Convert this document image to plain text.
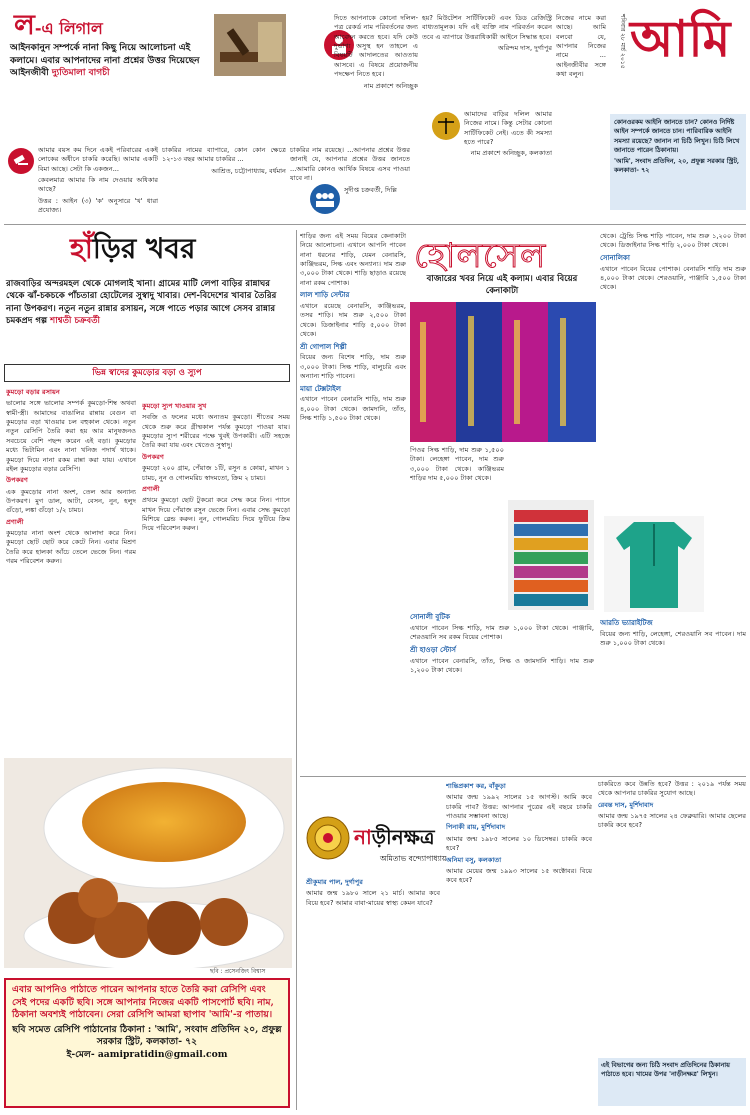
ল-এ লিগাল
আইনকানুন সম্পর্কে নানা কিছু নিয়ে আলোচনা এই কলামে। এবার আপনাদের নানা প্রশ্নের উত্তর দিয়েছেন আইনজীবী দ্যুতিমালা বাগচী

আমার বয়স কম দিনে একই পরিবারের একই লোকের অধীনে চাকরি করেছি। আমার একটি বিমা আছে। সেটা কি একজন...

কেবলমাত্র আমার কি নাম দেওয়ার অধিকার আছে?

উত্তর : আইন (৩) 'ক' অনুসারে 'খ' ধারা প্রযোজ্য।

চাকরির নামের ব্যাপারে, কোন কোন ক্ষেত্রে ১২-১৩ বছর আমার চাকরির ...

আশ্রিত, চট্টোপাধ্যায়, বর্ধমান

চাকরির নাম রয়েছে। ...আপনার প্রশ্নের উত্তর জানাই যে, আপনার প্রশ্নের উত্তর জানতে ...আমারি কোনও আর্থিক বিষয়ে এসব পাওয়া যাবে না।

সুদীপ্ত চক্রবর্তী, দিল্লি

দিতে আপনাকে কোনো দলিল-পত্র রেকর্ড নাম পরিবর্তনের জন্য আবেদন করতে হবে। যদি কেউ দুর্ভাগ্য অসুস্থ হন তাহলে এ বিষয়টি আদালতের আওতায় আসবে। এ বিষয়ে প্রয়োজনীয় পদক্ষেপ নিতে হবে।

নাম প্রকাশে অনিচ্ছুক

হয়? মিউটেশন সার্টিফিকেট এবং ডিড রেজিস্ট্রি বাধ্যতামূলক। যদি এই ব্যক্তি নাম পরিবর্তন করেন তবে এ ব্যাপারে উত্তরাধিকারী আইনে সিদ্ধান্ত হবে।

অরিন্দম দাস, দুর্গাপুর

আমাদের বাড়ির দলিল আমার নিজের নামে। কিন্তু সেটার কোনো সার্টিফিকেট নেই। এতে কী সমস্যা হতে পারে?

নাম প্রকাশে অনিচ্ছুক, কলকাতা

নিজের নামে করা আছে। আমি বলবো যে, আপনার নিজের নামে ... আইনজীবীর সঙ্গে কথা বলুন।

শনিবার ২৮ মার্চ ২০১৫ আমি
কোনওরকম আইনি জানতে চান? কোনও নির্দিষ্ট আইন সম্পর্কে জানতে চান। পারিবারিক আইনি সমস্যা রয়েছে? জানান না চিঠি লিখুন। চিঠি লিখে জানাতে পারেন ঠিকানায়।
'আমি', সংবাদ প্রতিদিন, ২০, প্রফুল্ল সরকার স্ট্রিট, কলকাতা- ৭২
হাঁড়ির খবর
রাজবাড়ির অন্দরমহল থেকে মোগলাই খানা। গ্রামের মাটি লেপা বাড়ির রান্নাঘর থেকে ঝাঁ-চকচকে পাঁচতারা হোটেলের সুস্বাদু খাবার। দেশ-বিদেশের খাবার তৈরির নানা উপকরণ। নতুন নতুন রান্নার রসায়ন, সঙ্গে পাতে পড়ার আগে সেসব রান্নার চমকপ্রদ গল্প শাশ্বতী চক্রবর্তী
ভিন্ন স্বাদের কুমড়োর বড়া ও স্যুপ
কুমড়ো বড়ার রসায়ন

ভালোর সঙ্গে ভালোর সম্পর্ক কুমড়ো-শিম্ব অথবা স্বামী-স্ত্রী। আমাদের বাঙালির রান্নায় বেগুন বা কুমড়োর বড়া খাওয়ার চল বহুকাল থেকে। নতুন নতুন রেসিপি তৈরি করা হয় আর মানুষজনও সবচেয়ে বেশি পছন্দ করেন এই বড়া। কুমড়োর মধ্যে ভিটামিন এবং নানা খনিজ পদার্থ থাকে। কুমড়ো দিয়ে নানা রকম রান্না করা যায়। এখানে রইল কুমড়োর বড়ার রেসিপি।

উপকরণ

এক কুমড়োর নানা অংশ, তেল আর অন্যান্য উপকরণ। মুগ ডাল, আটা, বেসন, নুন, হলুদ গুঁড়ো, লঙ্কা গুঁড়ো ১/২ চামচ।

প্রণালী

কুমড়োর নানা অংশ থেকে আলাদা করে নিন। কুমড়ো ছোট ছোট করে কেটে নিন। এবার মিশ্রণ তৈরি করে হালকা আঁচে তেলে ভেজে নিন। গরম গরম পরিবেশন করুন।

কুমড়ো স্যুপ খাওয়ার সুখ

সবজি ও ফলের মধ্যে অন্যতম কুমড়ো। শীতের সময় থেকে শুরু করে গ্রীষ্মকাল পর্যন্ত কুমড়ো পাওয়া যায়। কুমড়োর স্যুপ শরীরের পক্ষে খুবই উপকারী। এটি সহজে তৈরি করা যায় এবং খেতেও সুস্বাদু।

উপকরণ

কুমড়ো ২০০ গ্রাম, পেঁয়াজ ১টি, রসুন ৪ কোয়া, মাখন ১ চামচ, নুন ও গোলমরিচ স্বাদমতো, ক্রিম ২ চামচ।

প্রণালী

প্রথমে কুমড়ো ছোট টুকরো করে সেদ্ধ করে নিন। প্যানে মাখন দিয়ে পেঁয়াজ রসুন ভেজে নিন। এবার সেদ্ধ কুমড়ো মিশিয়ে ব্লেন্ড করুন। নুন, গোলমরিচ দিয়ে ফুটিয়ে ক্রিম দিয়ে পরিবেশন করুন।

ছবি : প্রসেনজিৎ বিশ্বাস
এবার আপনিও পাঠাতে পারেন আপনার হাতে তৈরি করা রেসিপি এবং সেই পদের একটি ছবি। সঙ্গে আপনার নিজের একটি পাসপোর্ট ছবি। নাম, ঠিকানা অবশ্যই পাঠাবেন। সেরা রেসিপি আমরা ছাপাব 'আমি'-র পাতায়।
ছবি সমেত রেসিপি পাঠানোর ঠিকানা : 'আমি', সংবাদ প্রতিদিন ২০, প্রফুল্ল সরকার স্ট্রিট, কলকাতা- ৭২
ই-মেল- aamipratidin@gmail.com

শাড়ির জন্য এই সময় বিয়ের কেনাকাটা নিয়ে আলোচনা। এখানে আপনি পাবেন নানা ধরনের শাড়ি, যেমন বেনারসি, কাঞ্জিভরম, সিল্ক এবং অন্যান্য। দাম শুরু ৩,০০০ টাকা থেকে। শাড়ি ছাড়াও রয়েছে নানা রকম পোশাক।

লাল শাড়ি সেন্টার

এখানে রয়েছে বেনারসি, কাঞ্জিভরম, তসর শাড়ি। দাম শুরু ২,৫০০ টাকা থেকে। ডিজাইনার শাড়ি ৫,০০০ টাকা থেকে।

শ্রী গোপাল শিল্পী

বিয়ের জন্য বিশেষ শাড়ি, দাম শুরু ৩,০০০ টাকা। সিল্ক শাড়ি, বালুচরি এবং অন্যান্য শাড়ি পাবেন।

মায়া টেক্সটাইল

এখানে পাবেন বেনারসি শাড়ি, দাম শুরু ৪,০০০ টাকা থেকে। জামদানি, তাঁত, সিল্ক শাড়ি ১,৫০০ টাকা থেকে।

হোলসেল
বাজারের খবর নিয়ে এই কলাম। এবার বিয়ের কেনাকাটা

পিওর সিল্ক শাড়ি, দাম শুরু ১,৫০০ টাকা। লেহেঙ্গা পাবেন, দাম শুরু ৩,০০০ টাকা থেকে। কাঞ্জিভরম শাড়ির দাম ৫,০০০ টাকা থেকে।

সোনালী বুটিক

এখানে পাবেন সিল্ক শাড়ি, দাম শুরু ১,০০০ টাকা থেকে। পাঞ্জাবি, শেরওয়ানি সব রকম বিয়ের পোশাক।

শ্রী হাওড়া স্টোর্স

এখানে পাবেন বেনারসি, তাঁত, সিল্ক ও জামদানি শাড়ি। দাম শুরু ১,২০০ টাকা থেকে।

থেকে। ট্রেন্ডি সিল্ক শাড়ি পাবেন, দাম শুরু ১,২০০ টাকা থেকে। ডিজাইনার সিল্ক শাড়ি ২,০০০ টাকা থেকে।

সোনালিকা

এখানে পাবেন বিয়ের পোশাক। বেনারসি শাড়ি দাম শুরু ৪,০০০ টাকা থেকে। শেরওয়ানি, পাঞ্জাবি ১,৫০০ টাকা থেকে।

আরতি ভ্যারাইটিজ

বিয়ের জন্য শাড়ি, লেহেঙ্গা, শেরওয়ানি সব পাবেন। দাম শুরু ১,০০০ টাকা থেকে।

নাড়ীনক্ষত্র
অমিতাভ বন্দ্যোপাধ্যায়
শ্রীকুমার পাল, দুর্গাপুর

আমার জন্ম ১৯৮০ সালে ২১ মার্চ। আমার কবে বিয়ে হবে? আমার বাবা-মায়ের স্বাস্থ্য কেমন যাবে?

শান্তিপ্রকাশ কর, বাঁকুড়া

আমার জন্ম ১৯৯২ সালের ১৫ আগস্ট। আমি কবে চাকরি পাব? উত্তর: আপনার পুত্রের এই বছরে চাকরি পাওয়ার সম্ভাবনা আছে।

পিনাকী রায়, মুর্শিদাবাদ

আমার জন্ম ১৯৮৫ সালের ১০ ডিসেম্বর। চাকরি কবে হবে?

অনিমা বসু, কলকাতা

আমার মেয়ের জন্ম ১৯৯৩ সালের ১৫ অক্টোবর। বিয়ে কবে হবে?

চাকরিতে কবে উন্নতি হবে? উত্তর : ২০১৯ পর্যন্ত সময় থেকে আপনার চাকরির সুযোগ আছে।

রেবন্ত দাস, মুর্শিদাবাদ

আমার জন্ম ১৯৭৫ সালের ২৪ ফেব্রুয়ারি। আমার ছেলের চাকরি কবে হবে?

এই বিভাগের জন্য চিঠি সংবাদ প্রতিদিনের ঠিকানায় পাঠাতে হবে। খামের উপর 'নাড়ীনক্ষত্র' লিখুন।
